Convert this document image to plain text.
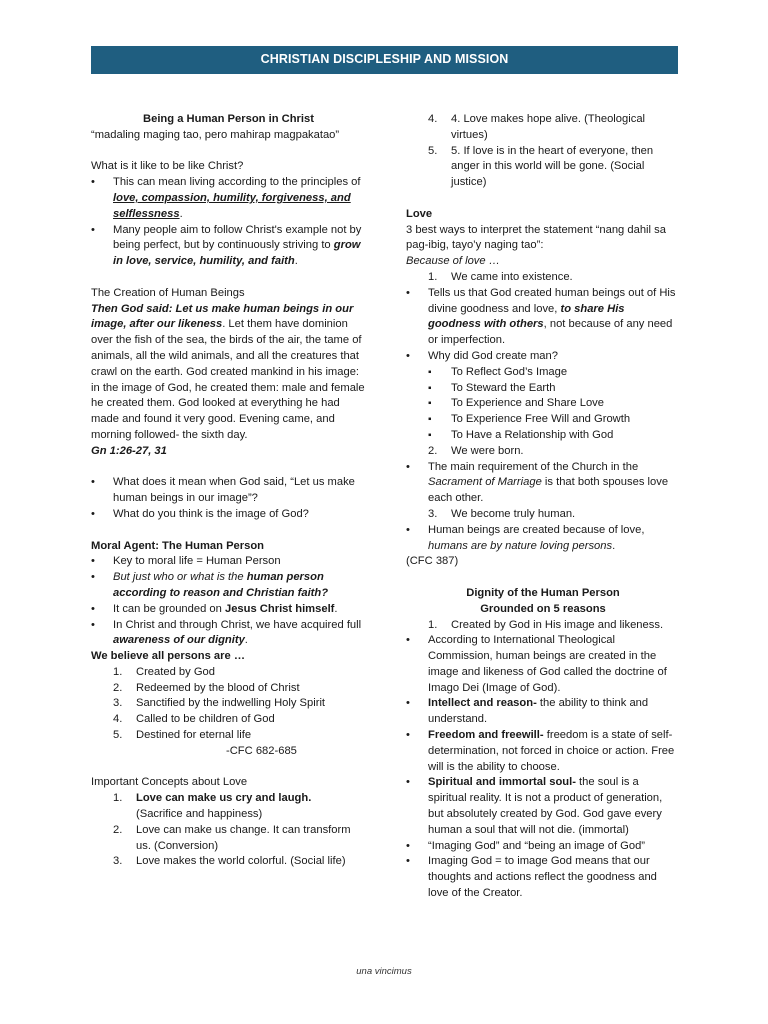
CHRISTIAN DISCIPLESHIP AND MISSION

Being a Human Person in Christ

“madaling maging tao, pero mahirap magpakatao”

What is it like to be like Christ?

• This can mean living according to the principles of love, compassion, humility, forgiveness, and selflessness.
• Many people aim to follow Christ's example not by being perfect, but by continuously striving to grow in love, service, humility, and faith.

The Creation of Human Beings

Then God said: Let us make human beings in our image, after our likeness. Let them have dominion over the fish of the sea, the birds of the air, the tame of animals, all the wild animals, and all the creatures that crawl on the earth. God created mankind in his image: in the image of God, he created them: male and female he created them. God looked at everything he had made and found it very good. Evening came, and morning followed- the sixth day.

Gn 1:26-27, 31

• What does it mean when God said, “Let us make human beings in our image”?
• What do you think is the image of God?

Moral Agent: The Human Person

• Key to moral life = Human Person
• But just who or what is the human person according to reason and Christian faith?
• It can be grounded on Jesus Christ himself.
• In Christ and through Christ, we have acquired full awareness of our dignity.

We believe all persons are …

1. Created by God
2. Redeemed by the blood of Christ
3. Sanctified by the indwelling Holy Spirit
4. Called to be children of God
5. Destined for eternal life

-CFC 682-685

Important Concepts about Love

1. Love can make us cry and laugh.
(Sacrifice and happiness)
2. Love can make us change. It can transform us. (Conversion)
3. Love makes the world colorful. (Social life)
4. 4. Love makes hope alive. (Theological virtues)
5. 5. If love is in the heart of everyone, then anger in this world will be gone. (Social justice)

Love

3 best ways to interpret the statement “nang dahil sa pag-ibig, tayo’y naging tao”:

Because of love …

1. We came into existence.
• Tells us that God created human beings out of His divine goodness and love, to share His goodness with others, not because of any need or imperfection.
• Why did God create man?
▪ To Reflect God’s Image
▪ To Steward the Earth
▪ To Experience and Share Love
▪ To Experience Free Will and Growth
▪ To Have a Relationship with God
2. We were born.
• The main requirement of the Church in the Sacrament of Marriage is that both spouses love each other.
3. We become truly human.
• Human beings are created because of love, humans are by nature loving persons.

(CFC 387)

Dignity of the Human Person

Grounded on 5 reasons

1. Created by God in His image and likeness.
• According to International Theological Commission, human beings are created in the image and likeness of God called the doctrine of Imago Dei (Image of God).
• Intellect and reason- the ability to think and understand.
• Freedom and freewill- freedom is a state of self- determination, not forced in choice or action. Free will is the ability to choose.
• Spiritual and immortal soul- the soul is a spiritual reality. It is not a product of generation, but absolutely created by God. God gave every human a soul that will not die. (immortal)
• “Imaging God” and “being an image of God”
• Imaging God = to image God means that our thoughts and actions reflect the goodness and love of the Creator.
una vincimus
